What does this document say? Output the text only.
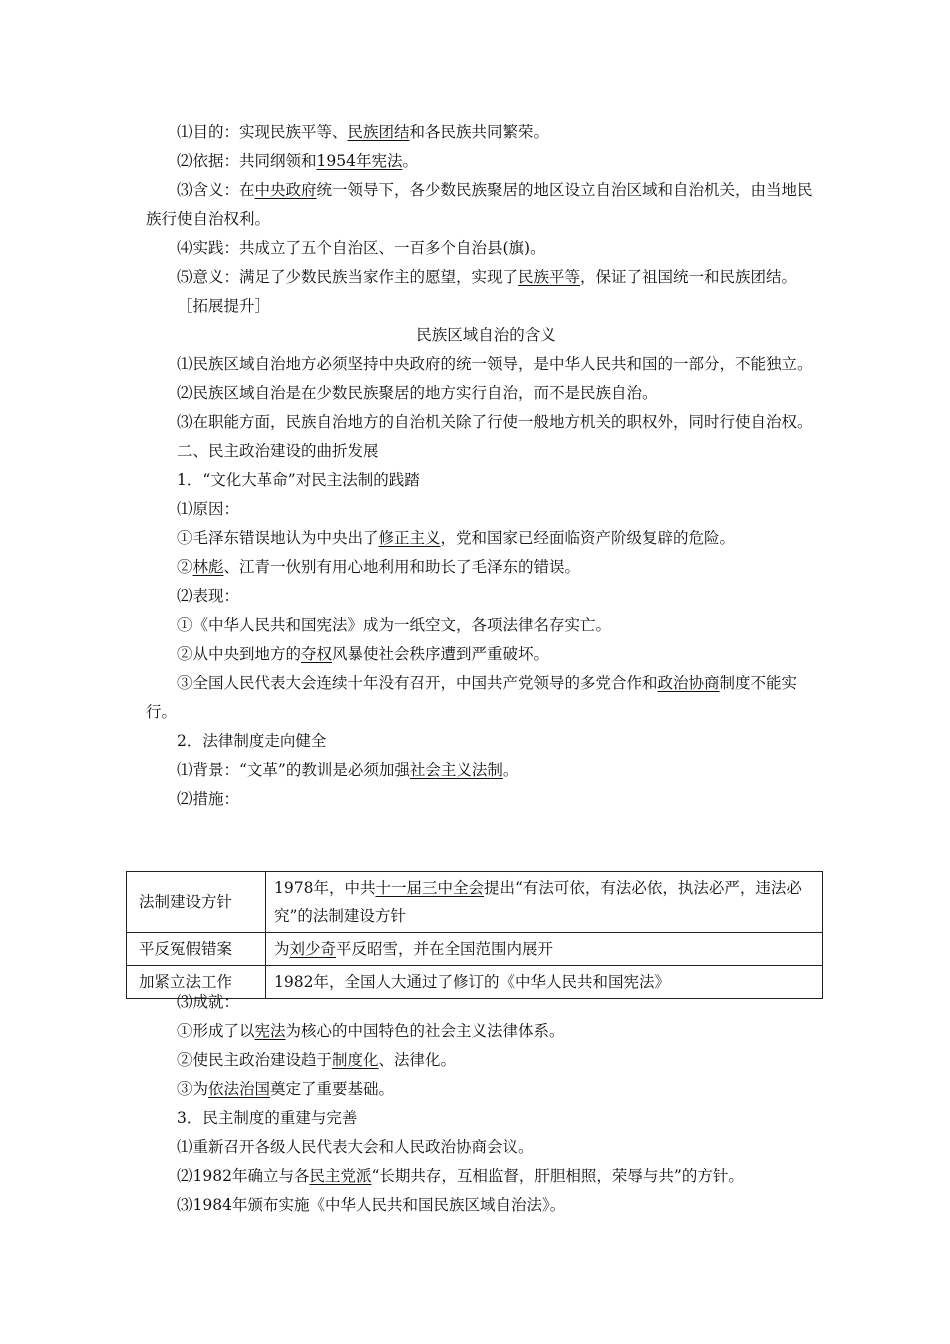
⑴目的：实现民族平等、民族团结和各民族共同繁荣。

⑵依据：共同纲领和1954年宪法。

⑶含义：在中央政府统一领导下，各少数民族聚居的地区设立自治区域和自治机关，由当地民族行使自治权利。

⑷实践：共成立了五个自治区、一百多个自治县(旗)。

⑸意义：满足了少数民族当家作主的愿望，实现了民族平等，保证了祖国统一和民族团结。

［拓展提升］

民族区域自治的含义

⑴民族区域自治地方必须坚持中央政府的统一领导，是中华人民共和国的一部分，不能独立。

⑵民族区域自治是在少数民族聚居的地方实行自治，而不是民族自治。

⑶在职能方面，民族自治地方的自治机关除了行使一般地方机关的职权外，同时行使自治权。

二、民主政治建设的曲折发展

1．“文化大革命”对民主法制的践踏

⑴原因：

①毛泽东错误地认为中央出了修正主义，党和国家已经面临资产阶级复辟的危险。

②林彪、江青一伙别有用心地利用和助长了毛泽东的错误。

⑵表现：

①《中华人民共和国宪法》成为一纸空文，各项法律名存实亡。

②从中央到地方的夺权风暴使社会秩序遭到严重破坏。

③全国人民代表大会连续十年没有召开，中国共产党领导的多党合作和政治协商制度不能实行。

2．法律制度走向健全

⑴背景：“文革”的教训是必须加强社会主义法制。

⑵措施：

法制建设方针	1978年，中共十一届三中全会提出“有法可依，有法必依，执法必严，违法必究”的法制建设方针
平反冤假错案	为刘少奇平反昭雪，并在全国范围内展开
加紧立法工作	1982年，全国人大通过了修订的《中华人民共和国宪法》

⑶成就：

①形成了以宪法为核心的中国特色的社会主义法律体系。

②使民主政治建设趋于制度化、法律化。

③为依法治国奠定了重要基础。

3．民主制度的重建与完善

⑴重新召开各级人民代表大会和人民政治协商会议。

⑵1982年确立与各民主党派“长期共存，互相监督，肝胆相照，荣辱与共”的方针。

⑶1984年颁布实施《中华人民共和国民族区域自治法》。
